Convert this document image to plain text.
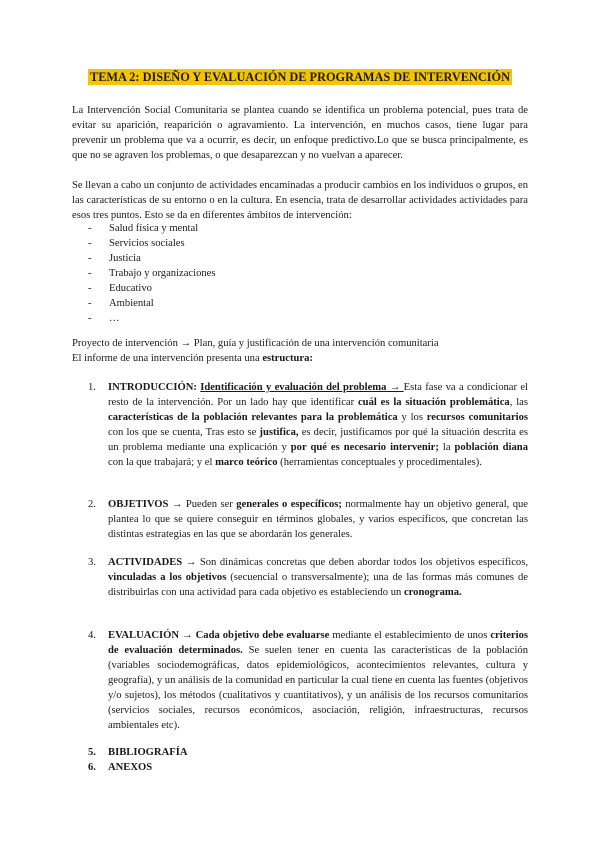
TEMA 2: DISEÑO Y EVALUACIÓN DE PROGRAMAS DE INTERVENCIÓN
La Intervención Social Comunitaria se plantea cuando se identifica un problema potencial, pues trata de evitar su aparición, reaparición o agravamiento. La intervención, en muchos casos, tiene lugar para prevenir un problema que va a ocurrir, es decir, un enfoque predictivo.Lo que se busca principalmente, es que no se agraven los problemas, o que desaparezcan y no vuelvan a aparecer.
Se llevan a cabo un conjunto de actividades encaminadas a producir cambios en los individuos o grupos, en las características de su entorno o en la cultura. En esencia, trata de desarrollar actividades actividades para esos tres puntos. Esto se da en diferentes ámbitos de intervención:
- Salud física y mental
- Servicios sociales
- Justicia
- Trabajo y organizaciones
- Educativo
- Ambiental
- …
Proyecto de intervención → Plan, guía y justificación de una intervención comunitaria
El informe de una intervención presenta una estructura:
1. INTRODUCCIÓN: Identificación y evaluación del problema → Esta fase va a condicionar el resto de la intervención. Por un lado hay que identificar cuál es la situación problemática, las características de la población relevantes para la problemática y los recursos comunitarios con los que se cuenta, Tras esto se justifica, es decir, justificamos por qué la situación descrita es un problema mediante una explicación y por qué es necesario intervenir; la población diana con la que trabajará; y el marco teórico (herramientas conceptuales y procedimentales).
2. OBJETIVOS → Pueden ser generales o específicos; normalmente hay un objetivo general, que plantea lo que se quiere conseguir en términos globales, y varios específicos, que concretan las distintas estrategias en las que se abordarán los generales.
3. ACTIVIDADES → Son dinámicas concretas que deben abordar todos los objetivos específicos, vinculadas a los objetivos (secuencial o transversalmente); una de las formas más comunes de distribuirlas con una actividad para cada objetivo es estableciendo un cronograma.
4. EVALUACIÓN → Cada objetivo debe evaluarse mediante el establecimiento de unos criterios de evaluación determinados. Se suelen tener en cuenta las características de la población (variables sociodemográficas, datos epidemiológicos, acontecimientos relevantes, cultura y geografía), y un análisis de la comunidad en particular la cual tiene en cuenta las fuentes (objetivos y/o sujetos), los métodos (cualitativos y cuantitativos), y un análisis de los recursos comunitarios (servicios sociales, recursos económicos, asociación, religión, infraestructuras, recursos ambientales etc).
5. BIBLIOGRAFÍA
6. ANEXOS
